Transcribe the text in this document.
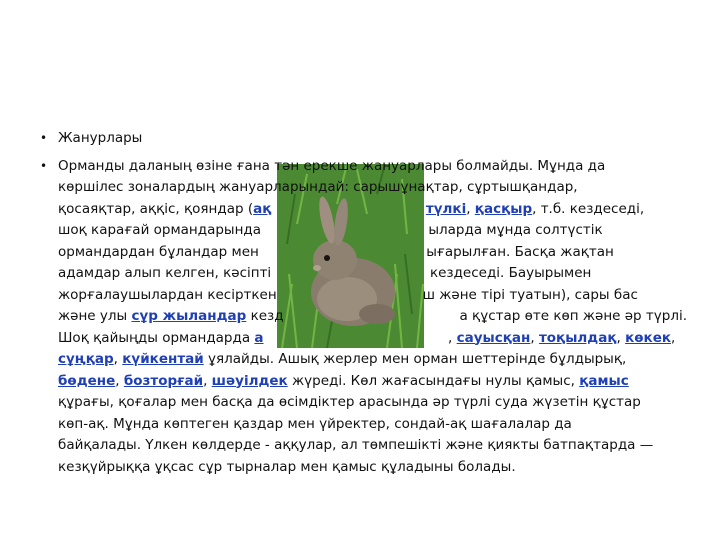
• Жанурлары
• Орманды даланың өзіне ғана тән ерекше жануарлары болмайды. Мұнда да
көршілес зоналардың жануарларындай: сарышұнақтар, сұртышқандар,
қосаяқтар, аққіс, қояндар (ақ	түлкі, қасқыр, т.б. кездеседі,
шоқ карағай ормандарында                                       ыларда мұнда солтүстік
ормандардан бұландар мен                                       ығарылған. Басқа жақтан
адамдар алып келген, кәсіпті                                     кездеседі. Бауырымен
жорғалаушылардан кесірткен                                  ш және тірі туатын), сары бас
және улы сұр жыландар кезд                                         а құстар өте көп және әр түрлі.
Шоқ қайыңды ормандарда а                                           , сауысқан, тоқылдақ, көкек,
сұңқар, күйкентай ұялайды. Ашық жерлер мен орман шеттерінде бұлдырық,
бөдене, бозторғай, шәуілдек жүреді. Көл жағасындағы нулы қамыс, қамыс
құрағы, қоғалар мен басқа да өсімдіктер арасында әр түрлі суда жүзетін құстар
көп-ақ. Мұнда көптеген қаздар мен үйректер, сондай-ақ шағалалар да
байқалады. Үлкен көлдерде - аққулар, ал төмпешікті және қиякты батпақтарда —
кезқүйрыққа ұқсас сұр тырналар мен қамыс құладыны болады.
